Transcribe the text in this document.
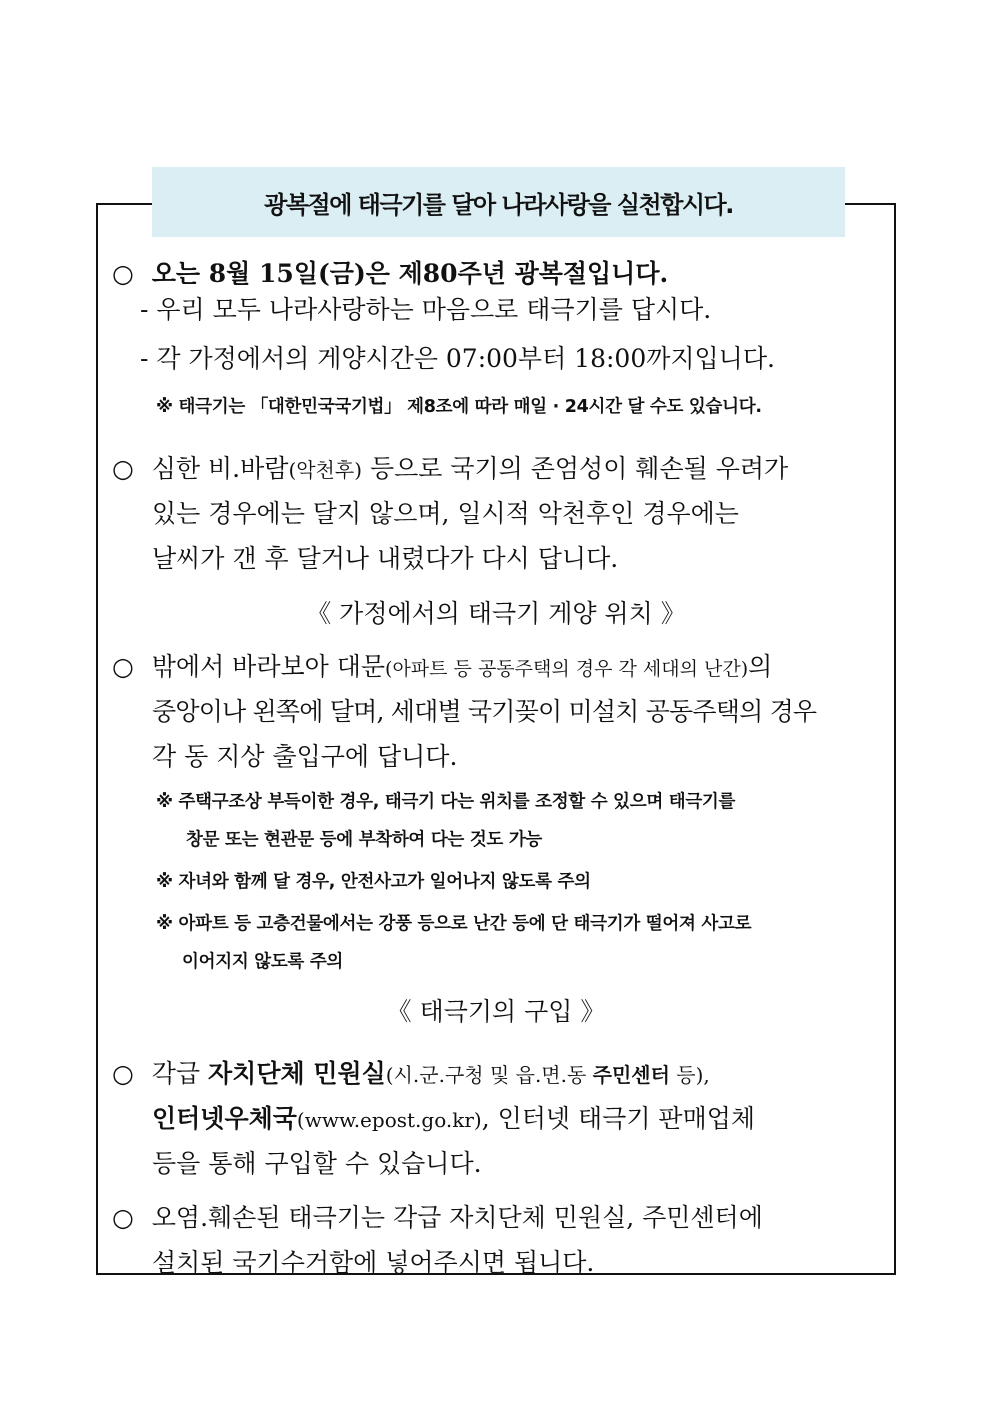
광복절에 태극기를 달아 나라사랑을 실천합시다.
○ 오는 8월 15일(금)은 제80주년 광복절입니다.
- 우리 모두 나라사랑하는 마음으로 태극기를 답시다.
- 각 가정에서의 게양시간은 07:00부터 18:00까지입니다.
※ 태극기는 「대한민국국기법」 제8조에 따라 매일 · 24시간 달 수도 있습니다.
○ 심한 비.바람(악천후) 등으로 국기의 존엄성이 훼손될 우려가
있는 경우에는 달지 않으며, 일시적 악천후인 경우에는
날씨가 갠 후 달거나 내렸다가 다시 답니다.
《 가정에서의 태극기 게양 위치 》
○ 밖에서 바라보아 대문(아파트 등 공동주택의 경우 각 세대의 난간)의
중앙이나 왼쪽에 달며, 세대별 국기꽂이 미설치 공동주택의 경우
각 동 지상 출입구에 답니다.
※ 주택구조상 부득이한 경우, 태극기 다는 위치를 조정할 수 있으며 태극기를
창문 또는 현관문 등에 부착하여 다는 것도 가능
※ 자녀와 함께 달 경우, 안전사고가 일어나지 않도록 주의
※ 아파트 등 고층건물에서는 강풍 등으로 난간 등에 단 태극기가 떨어져 사고로
이어지지 않도록 주의
《 태극기의 구입 》
○ 각급 자치단체 민원실(시.군.구청 및 읍.면.동 주민센터 등),
인터넷우체국(www.epost.go.kr), 인터넷 태극기 판매업체
등을 통해 구입할 수 있습니다.
○ 오염.훼손된 태극기는 각급 자치단체 민원실, 주민센터에
설치된 국기수거함에 넣어주시면 됩니다.
